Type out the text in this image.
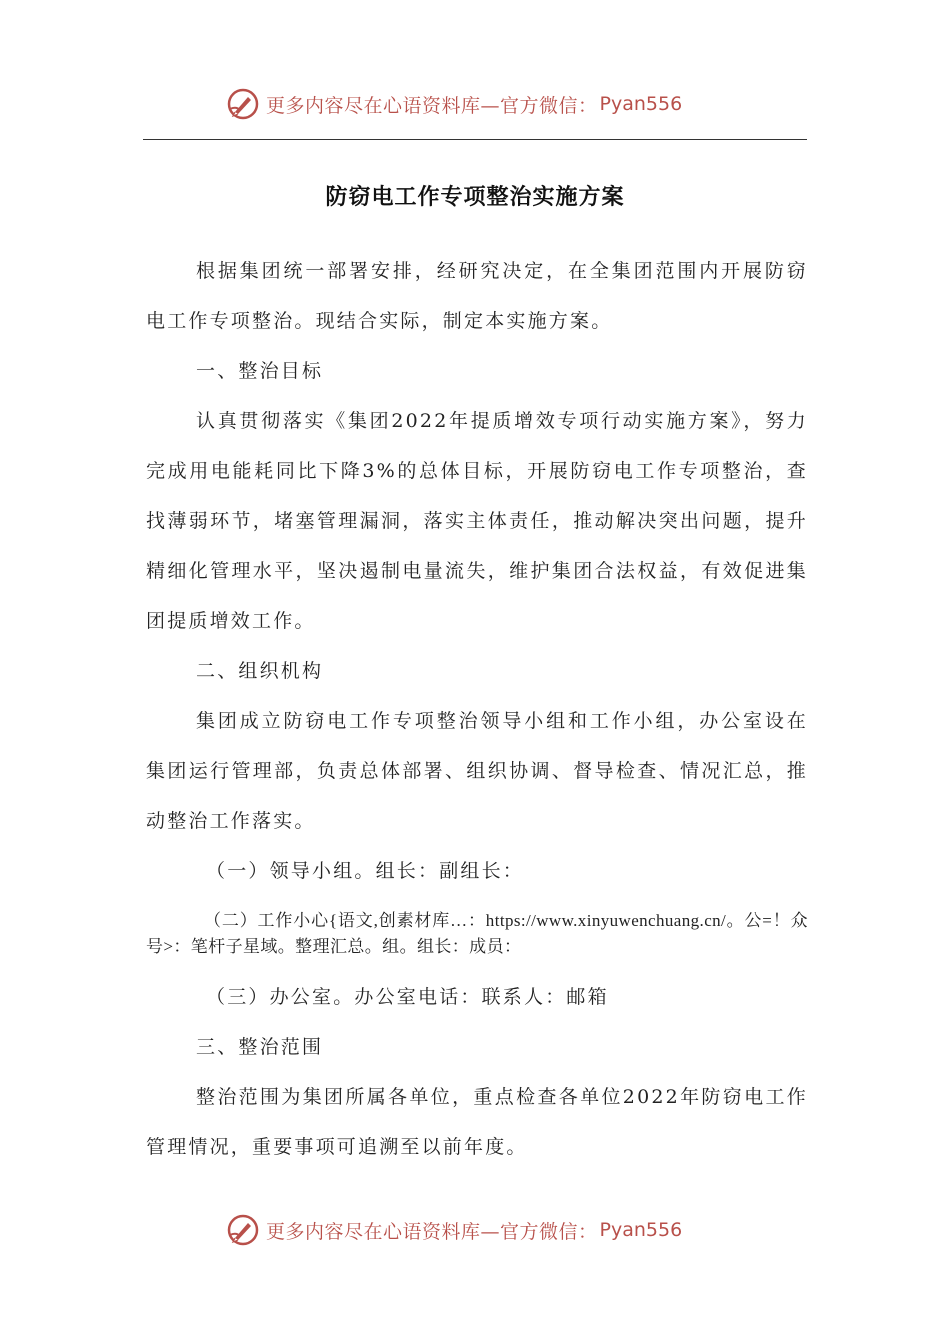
更多内容尽在心语资料库—官方微信： Pyan556
防窃电工作专项整治实施方案

根据集团统一部署安排，经研究决定，在全集团范围内开展防窃电工作专项整治。现结合实际，制定本实施方案。

一、整治目标

认真贯彻落实《集团2022年提质增效专项行动实施方案》，努力完成用电能耗同比下降3%的总体目标，开展防窃电工作专项整治，查找薄弱环节，堵塞管理漏洞，落实主体责任，推动解决突出问题，提升精细化管理水平，坚决遏制电量流失，维护集团合法权益，有效促进集团提质增效工作。

二、组织机构

集团成立防窃电工作专项整治领导小组和工作小组，办公室设在集团运行管理部，负责总体部署、组织协调、督导检查、情况汇总，推动整治工作落实。

（一）领导小组。组长：副组长：

（二）工作小心{语文,创素材库…：https://www.xinyuwenchuang.cn/。公=！众号>：笔杆子星域。整理汇总。组。组长：成员：

（三）办公室。办公室电话：联系人：邮箱

三、整治范围

整治范围为集团所属各单位，重点检查各单位2022年防窃电工作管理情况，重要事项可追溯至以前年度。

更多内容尽在心语资料库—官方微信： Pyan556
